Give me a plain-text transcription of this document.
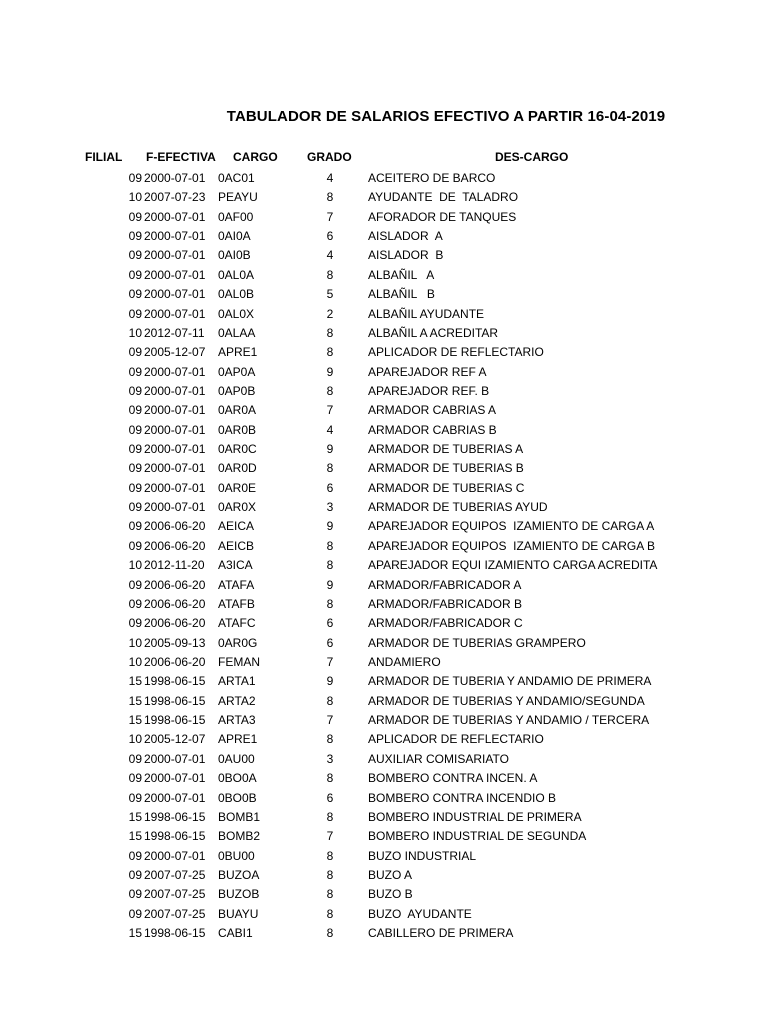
TABULADOR DE SALARIOS EFECTIVO A PARTIR 16-04-2019
FILIAL F-EFECTIVA CARGO GRADO	DES-CARGO
09 2000-07-01 0AC01	4	ACEITERO DE BARCO
10 2007-07-23 PEAYU	8	AYUDANTE  DE  TALADRO
09 2000-07-01 0AF00	7	AFORADOR DE TANQUES
09 2000-07-01 0AI0A	6	AISLADOR  A
09 2000-07-01 0AI0B	4	AISLADOR  B
09 2000-07-01 0AL0A	8	ALBAÑIL   A
09 2000-07-01 0AL0B	5	ALBAÑIL   B
09 2000-07-01 0AL0X	2	ALBAÑIL AYUDANTE
10 2012-07-11 0ALAA	8	ALBAÑIL A ACREDITAR
09 2005-12-07 APRE1	8	APLICADOR DE REFLECTARIO
09 2000-07-01 0AP0A	9	APAREJADOR REF A
09 2000-07-01 0AP0B	8	APAREJADOR REF. B
09 2000-07-01 0AR0A	7	ARMADOR CABRIAS A
09 2000-07-01 0AR0B	4	ARMADOR CABRIAS B
09 2000-07-01 0AR0C	9	ARMADOR DE TUBERIAS A
09 2000-07-01 0AR0D	8	ARMADOR DE TUBERIAS B
09 2000-07-01 0AR0E	6	ARMADOR DE TUBERIAS C
09 2000-07-01 0AR0X	3	ARMADOR DE TUBERIAS AYUD
09 2006-06-20 AEICA	9	APAREJADOR EQUIPOS  IZAMIENTO DE CARGA A
09 2006-06-20 AEICB	8	APAREJADOR EQUIPOS  IZAMIENTO DE CARGA B
10 2012-11-20 A3ICA	8	APAREJADOR EQUI IZAMIENTO CARGA ACREDITA
09 2006-06-20 ATAFA	9	ARMADOR/FABRICADOR A
09 2006-06-20 ATAFB	8	ARMADOR/FABRICADOR B
09 2006-06-20 ATAFC	6	ARMADOR/FABRICADOR C
10 2005-09-13 0AR0G	6	ARMADOR DE TUBERIAS GRAMPERO
10 2006-06-20 FEMAN	7	ANDAMIERO
15 1998-06-15 ARTA1	9	ARMADOR DE TUBERIA Y ANDAMIO DE PRIMERA
15 1998-06-15 ARTA2	8	ARMADOR DE TUBERIAS Y ANDAMIO/SEGUNDA
15 1998-06-15 ARTA3	7	ARMADOR DE TUBERIAS Y ANDAMIO / TERCERA
10 2005-12-07 APRE1	8	APLICADOR DE REFLECTARIO
09 2000-07-01 0AU00	3	AUXILIAR COMISARIATO
09 2000-07-01 0BO0A	8	BOMBERO CONTRA INCEN. A
09 2000-07-01 0BO0B	6	BOMBERO CONTRA INCENDIO B
15 1998-06-15 BOMB1	8	BOMBERO INDUSTRIAL DE PRIMERA
15 1998-06-15 BOMB2	7	BOMBERO INDUSTRIAL DE SEGUNDA
09 2000-07-01 0BU00	8	BUZO INDUSTRIAL
09 2007-07-25 BUZOA	8	BUZO A
09 2007-07-25 BUZOB	8	BUZO B
09 2007-07-25 BUAYU	8	BUZO  AYUDANTE
15 1998-06-15 CABI1	8	CABILLERO DE PRIMERA
